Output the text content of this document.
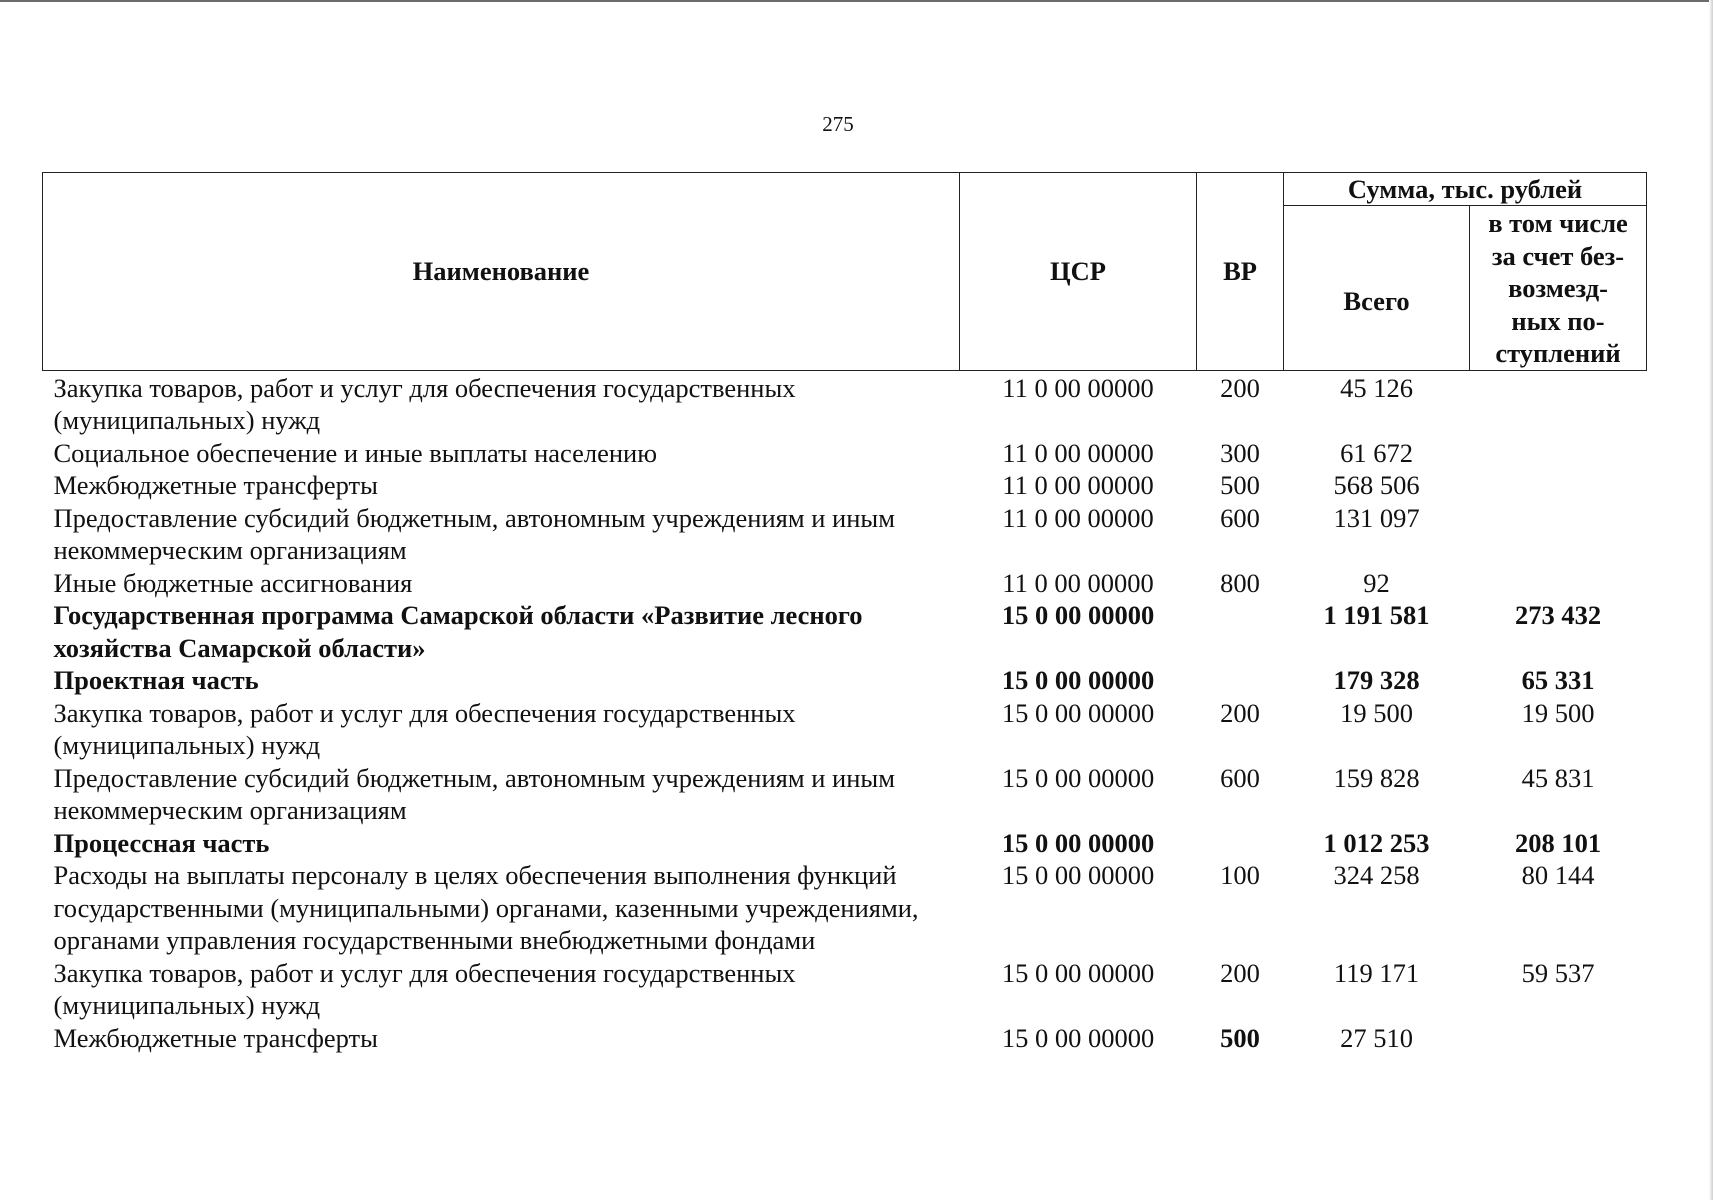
275
Наименование	ЦСР	ВР	Сумма, тыс. рублей	
			Всего	в том числе
за счет без-
возмезд-
ных по-
ступлений
Закупка товаров, работ и услуг для обеспечения государственных (муниципальных) нужд	11 0 00 00000	200	45 126	
Социальное обеспечение и иные выплаты населению	11 0 00 00000	300	61 672	
Межбюджетные трансферты	11 0 00 00000	500	568 506	
Предоставление субсидий бюджетным, автономным учреждениям и иным некоммерческим организациям	11 0 00 00000	600	131 097	
Иные бюджетные ассигнования	11 0 00 00000	800	92	
Государственная программа Самарской области «Развитие лесного хозяйства Самарской области»	15 0 00 00000		1 191 581	273 432
Проектная часть	15 0 00 00000		179 328	65 331
Закупка товаров, работ и услуг для обеспечения государственных (муниципальных) нужд	15 0 00 00000	200	19 500	19 500
Предоставление субсидий бюджетным, автономным учреждениям и иным некоммерческим организациям	15 0 00 00000	600	159 828	45 831
Процессная часть	15 0 00 00000		1 012 253	208 101
Расходы на выплаты персоналу в целях обеспечения выполнения функций государственными (муниципальными) органами, казенными учреждениями, органами управления государственными внебюджетными фондами	15 0 00 00000	100	324 258	80 144
Закупка товаров, работ и услуг для обеспечения государственных (муниципальных) нужд	15 0 00 00000	200	119 171	59 537
Межбюджетные трансферты	15 0 00 00000	500	27 510	
